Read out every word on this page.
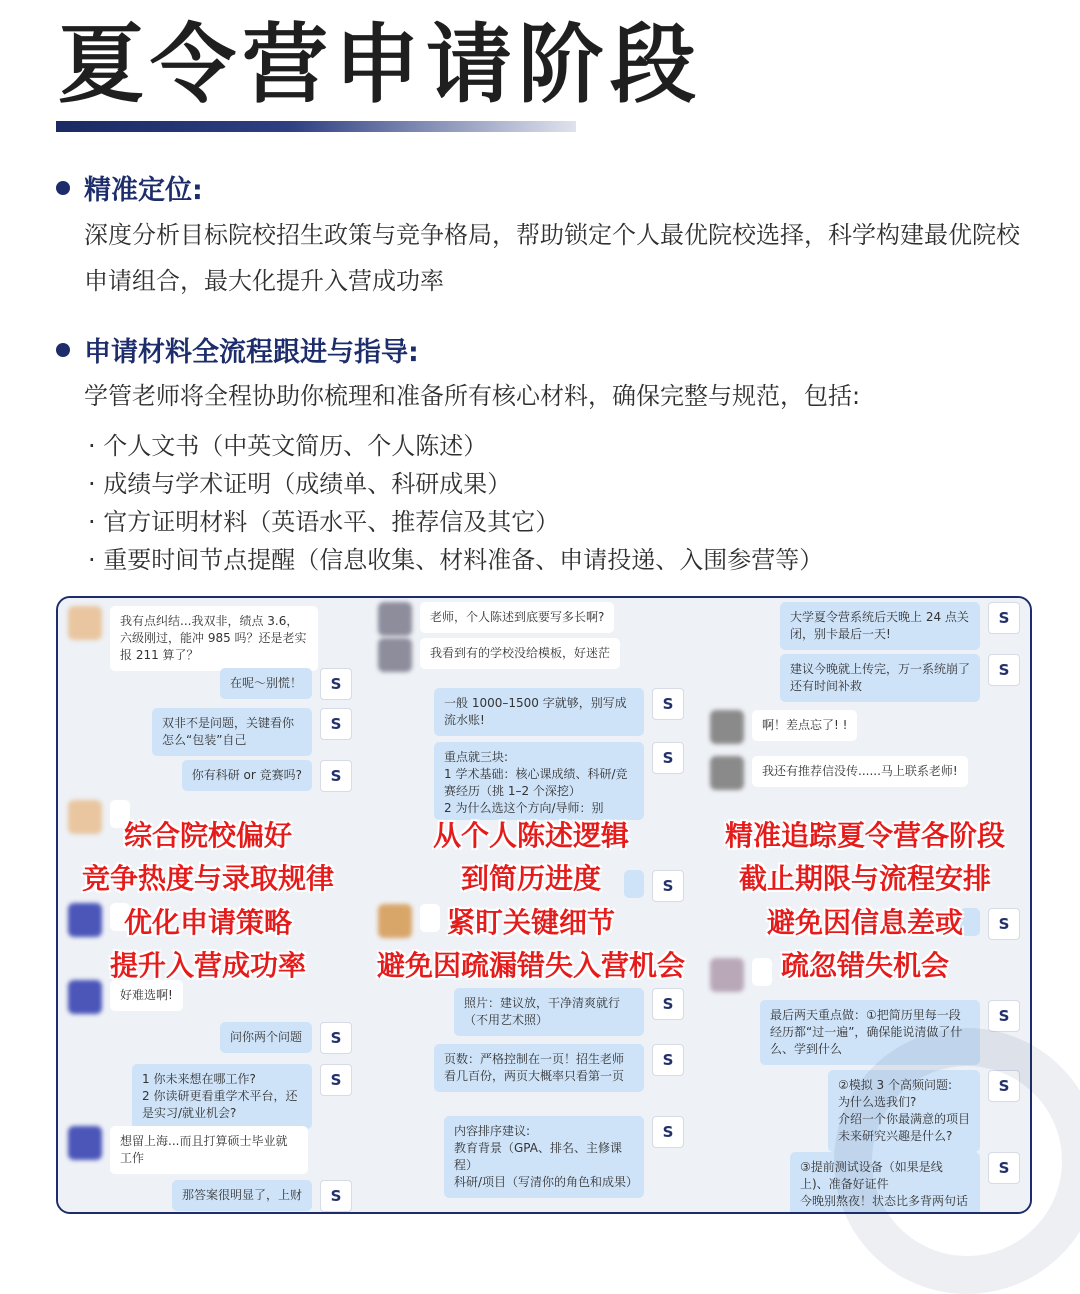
夏令营申请阶段
精准定位:
深度分析目标院校招生政策与竞争格局，帮助锁定个人最优院校选择，科学构建最优院校申请组合，最大化提升入营成功率
申请材料全流程跟进与指导:
学管老师将全程协助你梳理和准备所有核心材料，确保完整与规范，包括:
· 个人文书（中英文简历、个人陈述）
· 成绩与学术证明（成绩单、科研成果）
· 官方证明材料（英语水平、推荐信及其它）
· 重要时间节点提醒（信息收集、材料准备、申请投递、入围参营等）
我有点纠结...我双非，绩点 3.6，六级刚过，能冲 985 吗？还是老实报 211 算了？
S
在呢～别慌！
S
双非不是问题，关键看你怎么“包装”自己
S
你有科研 or 竞赛吗?
好难选啊!
S
问你两个问题
S
1 你未来想在哪工作?
2 你读研更看重学术平台，还是实习/就业机会?
想留上海...而且打算硕士毕业就工作
S
那答案很明显了，上财
老师，个人陈述到底要写多长啊?
我看到有的学校没给模板，好迷茫
S
一般 1000–1500 字就够，别写成流水账!
S
重点就三块:
1 学术基础：核心课成绩、科研/竞赛经历（挑 1–2 个深挖）
2 为什么选这个方向/导师：别
S
S
照片：建议放，干净清爽就行（不用艺术照）
S
页数：严格控制在一页！招生老师看几百份，两页大概率只看第一页
S
内容排序建议:
教育背景（GPA、排名、主修课程）
科研/项目（写清你的角色和成果）
S
大学夏令营系统后天晚上 24 点关闭，别卡最后一天!
S
建议今晚就上传完，万一系统崩了还有时间补救
啊！差点忘了! !
我还有推荐信没传......马上联系老师!
S
S
最后两天重点做：①把简历里每一段经历都“过一遍”，确保能说清做了什么、学到什么
S
②模拟 3 个高频问题:
为什么选我们?
介绍一个你最满意的项目
未来研究兴趣是什么?
S
③提前测试设备（如果是线上)、准备好证件
今晚别熬夜！状态比多背两句话
综合院校偏好
竞争热度与录取规律
优化申请策略
提升入营成功率
从个人陈述逻辑
到简历进度
紧盯关键细节
避免因疏漏错失入营机会
精准追踪夏令营各阶段
截止期限与流程安排
避免因信息差或
疏忽错失机会
